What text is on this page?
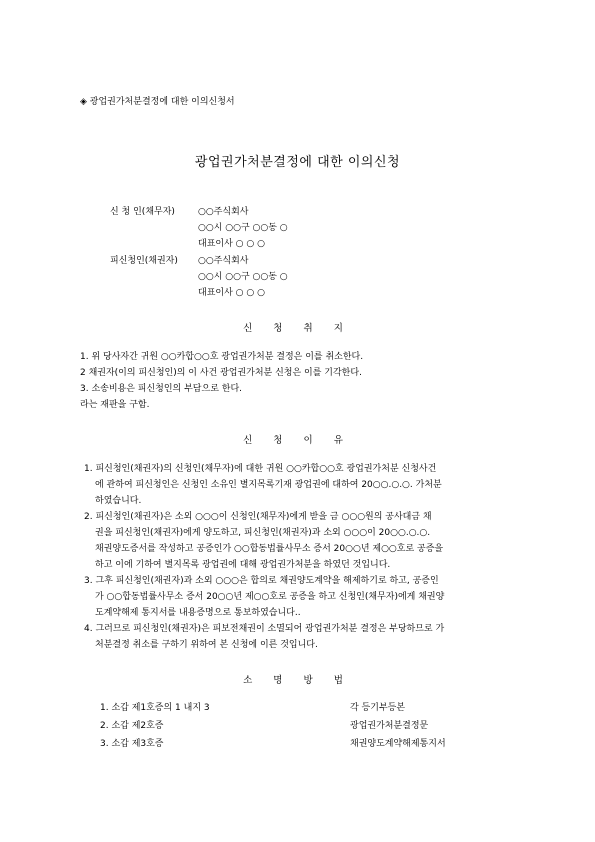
◈ 광업권가처분결정에 대한 이의신청서
광업권가처분결정에 대한 이의신청
신 청 인(채무자)	○○주식회사
○○시 ○○구 ○○동 ○
대표이사 ○ ○ ○
피신청인(채권자) ○○주식회사
○○시 ○○구 ○○동 ○
대표이사 ○ ○ ○
신 청 취 지
1. 위 당사자간 귀원 ○○카합○○호 광업권가처분 결정은 이를 취소한다.
2 채권자(이의 피신청인)의 이 사건 광업권가처분 신청은 이를 기각한다.
3. 소송비용은 피신청인의 부담으로 한다.
라는 재판을 구함.
신 청 이 유
1. 피신청인(채권자)의 신청인(채무자)에 대한 귀원 ○○카합○○호 광업권가처분 신청사건
에 관하여 피신청인은 신청인 소유인 별지목록기재 광업권에 대하여 20○○.○.○. 가처분
하였습니다.
2. 피신청인(채권자)은 소외 ○○○이 신청인(채무자)에게 받을 금 ○○○원의 공사대금 채
권을 피신청인(채권자)에게 양도하고, 피신청인(채권자)과 소외 ○○○이 20○○.○.○.
채권양도증서를 작성하고 공증인가 ○○합동법률사무소 증서 20○○년 제○○호로 공증을
하고 이에 기하여 별지목록 광업권에 대해 광업권가처분을 하였던 것입니다.
3. 그후 피신청인(채권자)과 소외 ○○○은 합의로 채권양도계약을 해제하기로 하고, 공증인
가 ○○합동법률사무소 증서 20○○년 제○○호로 공증을 하고 신청인(채무자)에게 채권양
도계약해제 통지서를 내용증명으로 통보하였습니다..
4. 그러므로 피신청인(채권자)은 피보전채권이 소멸되어 광업권가처분 결정은 부당하므로 가
처분결정 취소를 구하기 위하여 본 신청에 이른 것입니다.
소 명 방 법
1. 소갑 제1호증의 1 내지 3	각 등기부등본
2. 소갑 제2호증	광업권가처분결정문
3. 소갑 제3호증	채권양도계약해제통지서
